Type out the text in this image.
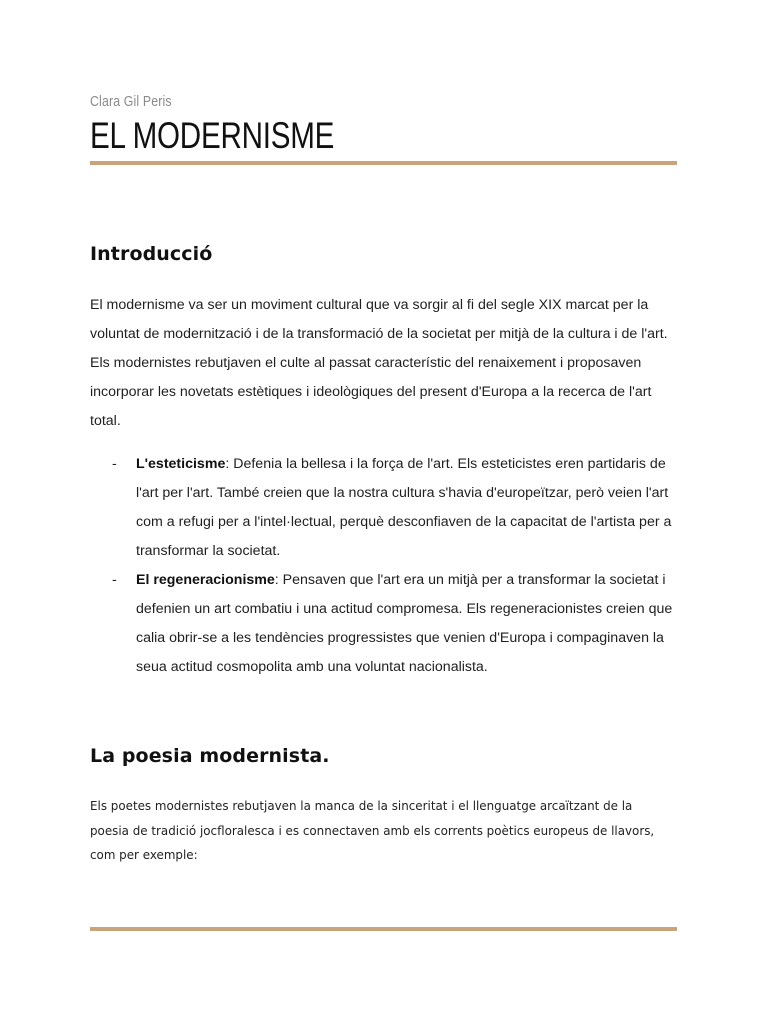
Clara Gil Peris
EL MODERNISME
Introducció

El modernisme va ser un moviment cultural que va sorgir al fi del segle XIX marcat per la voluntat de modernització i de la transformació de la societat per mitjà de la cultura i de l'art. Els modernistes rebutjaven el culte al passat característic del renaixement i proposaven incorporar les novetats estètiques i ideològiques del present d'Europa a la recerca de l'art total.

- L'esteticisme: Defenia la bellesa i la força de l'art. Els esteticistes eren partidaris de l'art per l'art. També creien que la nostra cultura s'havia d'europeïtzar, però veien l'art com a refugi per a l'intel·lectual, perquè desconfiaven de la capacitat de l'artista per a transformar la societat.
- El regeneracionisme: Pensaven que l'art era un mitjà per a transformar la societat i defenien un art combatiu i una actitud compromesa. Els regeneracionistes creien que calia obrir-se a les tendències progressistes que venien d'Europa i compaginaven la seua actitud cosmopolita amb una voluntat nacionalista.
La poesia modernista.

Els poetes modernistes rebutjaven la manca de la sinceritat i el llenguatge arcaïtzant de la poesia de tradició jocfloralesca i es connectaven amb els corrents poètics europeus de llavors, com per exemple:
